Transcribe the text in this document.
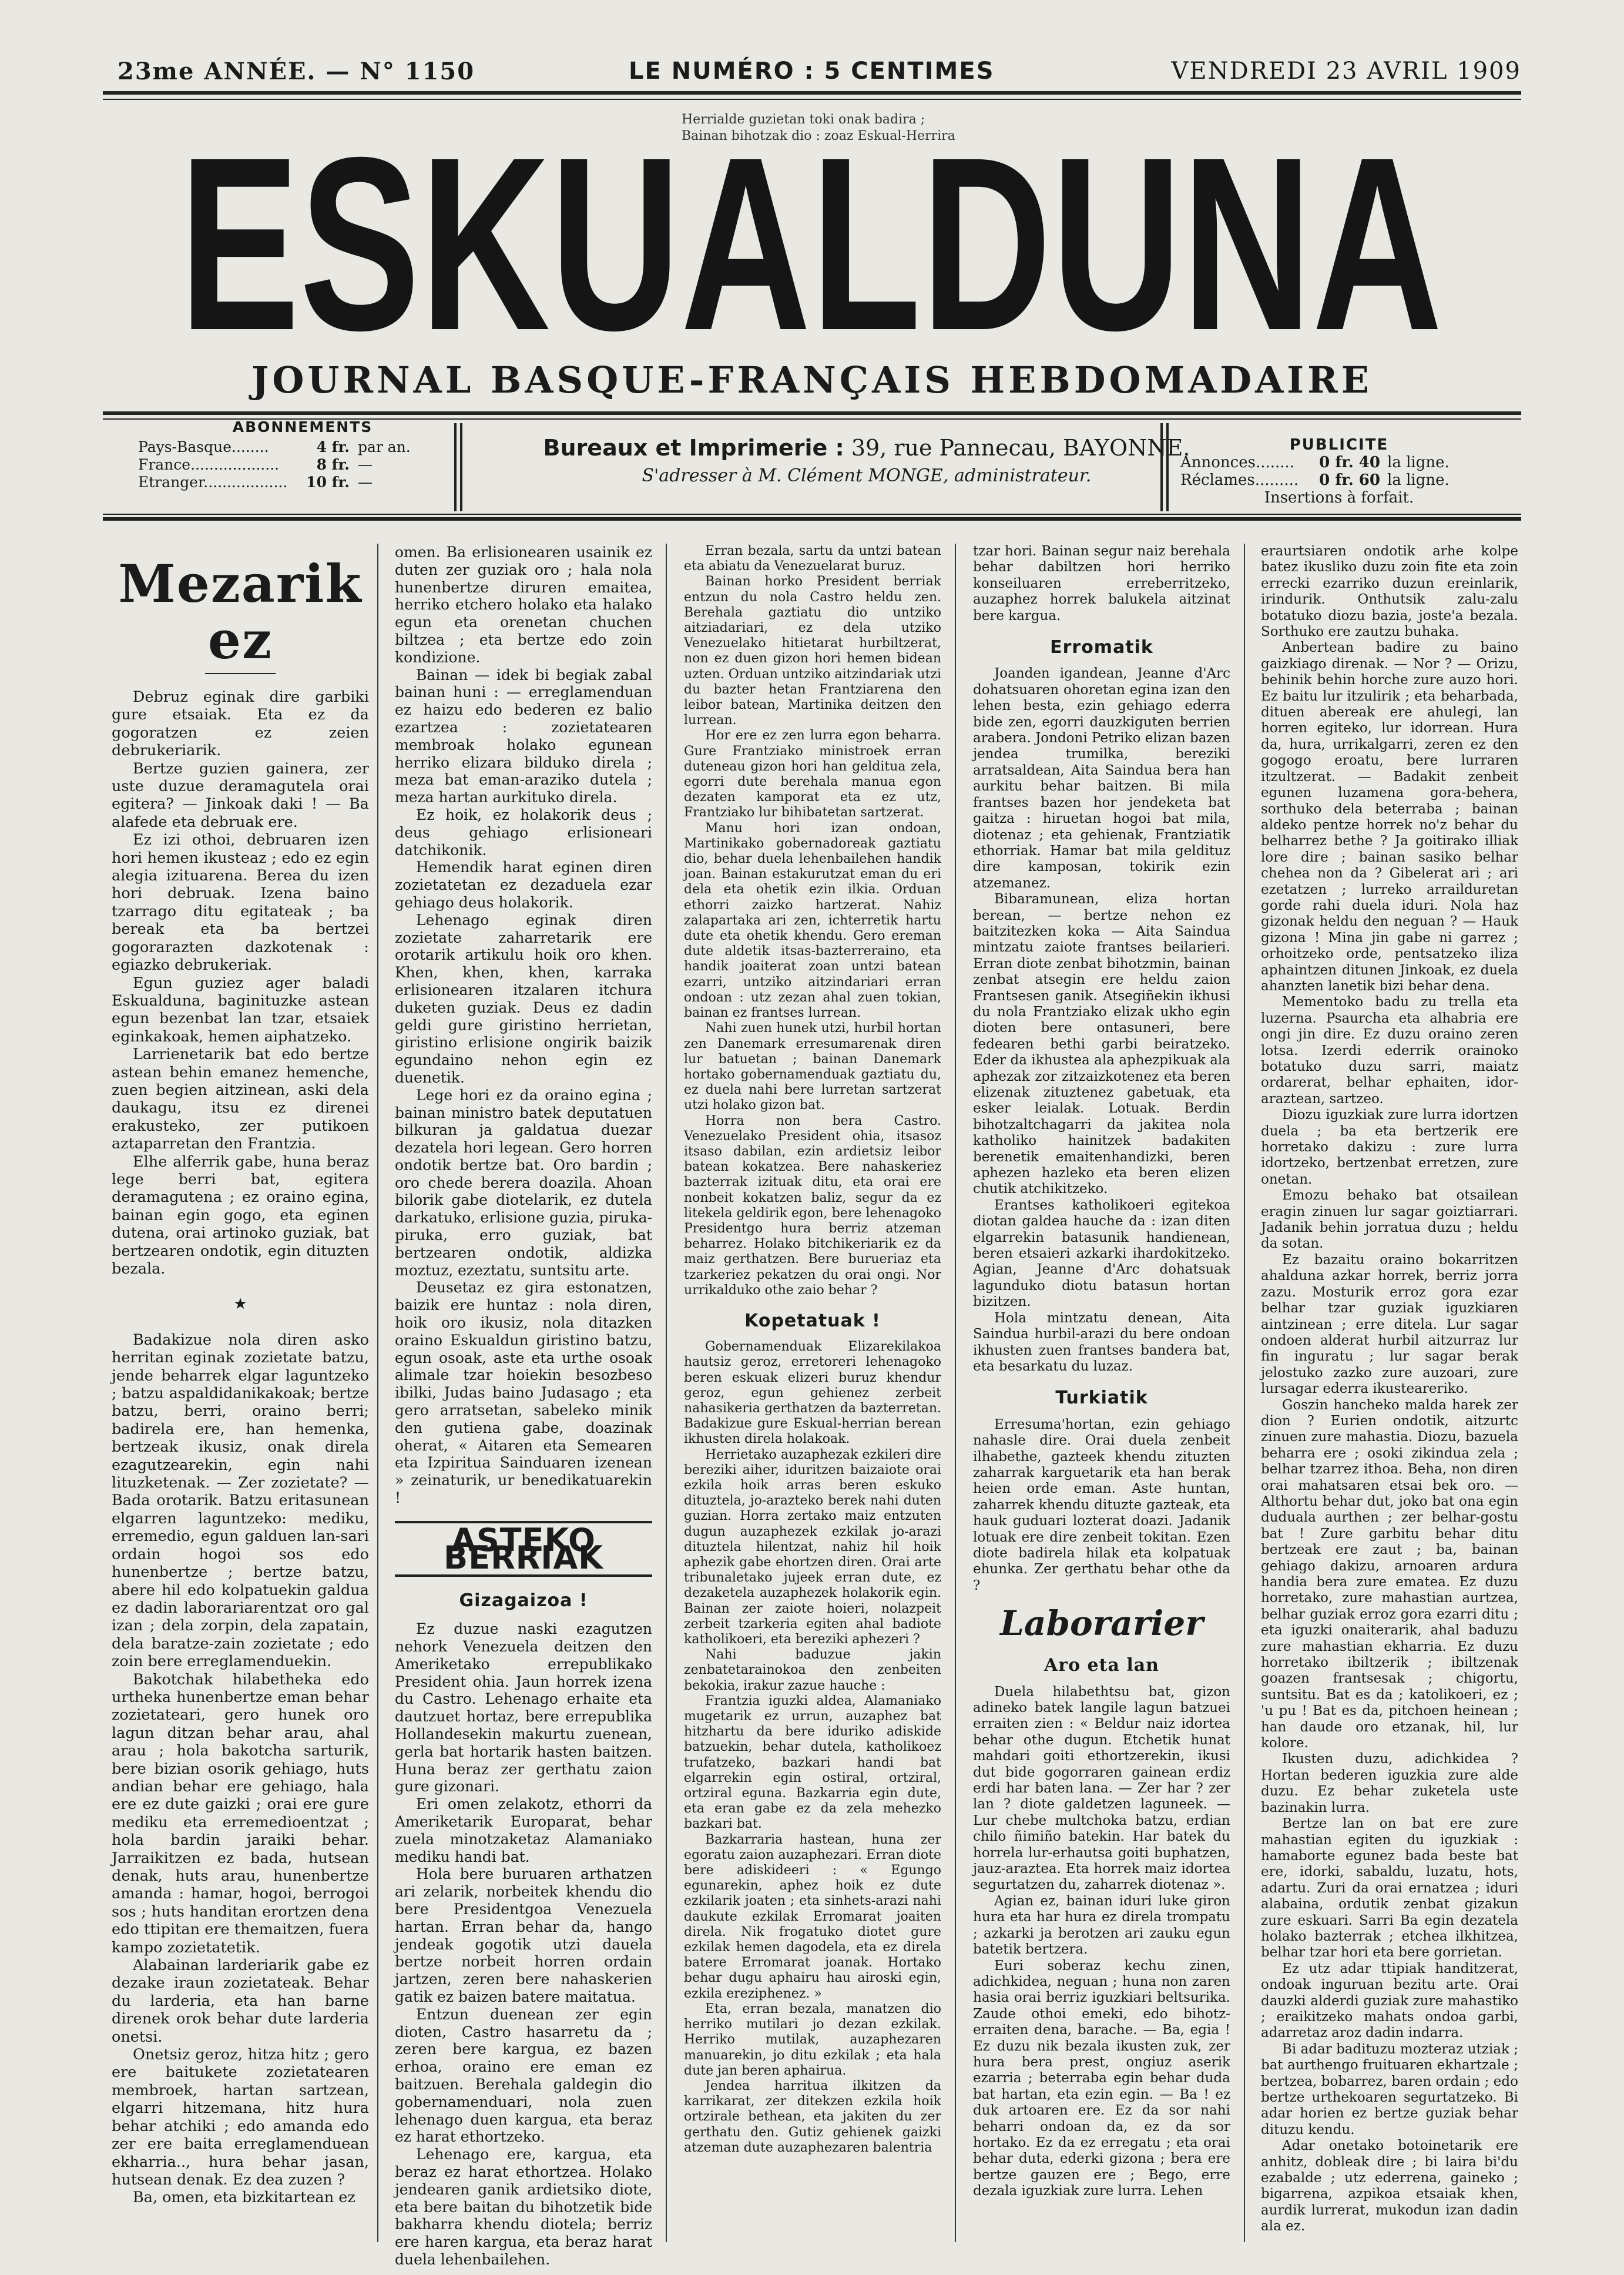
23me ANNÉE. — N° 1150	LE NUMÉRO : 5 CENTIMES	VENDREDI 23 AVRIL 1909
Herrialde guzietan toki onak badira ;
Bainan bihotzak dio : zoaz Eskual-Herrira
ESKUALDUNA
JOURNAL BASQUE-FRANÇAIS HEBDOMADAIRE
ABONNEMENTS
Pays-Basque........	4 fr. par an.
France...................	8 fr. —
Etranger..................	10 fr. —
Bureaux et Imprimerie : 39, rue Pannecau, BAYONNE.
S'adresser à M. Clément MONGE, administrateur.
PUBLICITE
Annonces........	0 fr. 40 la ligne.
Réclames.........	0 fr. 60 la ligne.
Insertions à forfait.
Mezarik ez

Debruz eginak dire garbiki gure etsaiak. Eta ez da gogoratzen ez zeien debrukeriarik.

Bertze guzien gainera, zer uste duzue deramagutela orai egitera? — Jinkoak daki ! — Ba alafede eta debruak ere.

Ez izi othoi, debruaren izen hori hemen ikusteaz ; edo ez egin alegia izituarena. Berea du izen hori debruak. Izena baino tzarrago ditu egitateak ; ba bereak eta ba bertzei gogorarazten dazkotenak : egiazko debrukeriak.

Egun guziez ager baladi Eskualduna, baginituzke astean egun bezenbat lan tzar, etsaiek eginkakoak, hemen aiphatzeko.

Larrienetarik bat edo bertze astean behin emanez hemenche, zuen begien aitzinean, aski dela daukagu, itsu ez direnei erakusteko, zer putikoen aztaparretan den Frantzia.

Elhe alferrik gabe, huna beraz lege berri bat, egitera deramagutena ; ez oraino egina, bainan egin gogo, eta eginen dutena, orai artinoko guziak, bat bertzearen ondotik, egin dituzten bezala.

★

Badakizue nola diren asko herritan eginak zozietate batzu, jende beharrek elgar laguntzeko ; batzu aspaldidanikakoak; bertze batzu, berri, oraino berri; badirela ere, han hemenka, bertzeak ikusiz, onak direla ezagutzearekin, egin nahi lituzketenak. — Zer zozietate? — Bada orotarik. Batzu eritasunean elgarren laguntzeko: mediku, erremedio, egun galduen lan-sari ordain hogoi sos edo hunenbertze ; bertze batzu, abere hil edo kolpatuekin galdua ez dadin laborariarentzat oro gal izan ; dela zorpin, dela zapatain, dela baratze-zain zozietate ; edo zoin bere erreglamenduekin.

Bakotchak hilabetheka edo urtheka hunenbertze eman behar zozietateari, gero hunek oro lagun ditzan behar arau, ahal arau ; hola bakotcha sarturik, bere bizian osorik gehiago, huts andian behar ere gehiago, hala ere ez dute gaizki ; orai ere gure mediku eta erremedioentzat ; hola bardin jaraiki behar. Jarraikitzen ez bada, hutsean denak, huts arau, hunenbertze amanda : hamar, hogoi, berrogoi sos ; huts handitan erortzen dena edo ttipitan ere themaitzen, fuera kampo zozietatetik.

Alabainan larderiarik gabe ez dezake iraun zozietateak. Behar du larderia, eta han barne direnek orok behar dute larderia onetsi.

Onetsiz geroz, hitza hitz ; gero ere baitukete zozietatearen membroek, hartan sartzean, elgarri hitzemana, hitz hura behar atchiki ; edo amanda edo zer ere baita erreglamenduean ekharria.., hura behar jasan, hutsean denak. Ez dea zuzen ?

Ba, omen, eta bizkitartean ez

omen. Ba erlisionearen usainik ez duten zer guziak oro ; hala nola hunenbertze diruren emaitea, herriko etchero holako eta halako egun eta orenetan chuchen biltzea ; eta bertze edo zoin kondizione.

Bainan — idek bi begiak zabal bainan huni : — erreglamenduan ez haizu edo bederen ez balio ezartzea : zozietatearen membroak holako egunean herriko elizara bilduko direla ; meza bat eman-araziko dutela ; meza hartan aurkituko direla.

Ez hoik, ez holakorik deus ; deus gehiago erlisioneari datchikonik.

Hemendik harat eginen diren zozietatetan ez dezaduela ezar gehiago deus holakorik.

Lehenago eginak diren zozietate zaharretarik ere orotarik artikulu hoik oro khen. Khen, khen, khen, karraka erlisionearen itzalaren itchura duketen guziak. Deus ez dadin geldi gure giristino herrietan, giristino erlisione ongirik baizik egundaino nehon egin ez duenetik.

Lege hori ez da oraino egina ; bainan ministro batek deputatuen bilkuran ja galdatua duezar dezatela hori legean. Gero horren ondotik bertze bat. Oro bardin ; oro chede berera doazila. Ahoan bilorik gabe diotelarik, ez dutela darkatuko, erlisione guzia, piruka-piruka, erro guziak, bat bertzearen ondotik, aldizka moztuz, ezeztatu, suntsitu arte.

Deusetaz ez gira estonatzen, baizik ere huntaz : nola diren, hoik oro ikusiz, nola ditazken oraino Eskualdun giristino batzu, egun osoak, aste eta urthe osoak alimale tzar hoiekin besozbeso ibilki, Judas baino Judasago ; eta gero arratsetan, sabeleko minik den gutiena gabe, doazinak oherat, « Aitaren eta Semearen eta Izpiritua Sainduaren izenean » zeinaturik, ur benedikatuarekin !

ASTEKO BERRIAK
Gizagaizoa !

Ez duzue naski ezagutzen nehork Venezuela deitzen den Ameriketako errepublikako President ohia. Jaun horrek izena du Castro. Lehenago erhaite eta dautzuet hortaz, bere errepublika Hollandesekin makurtu zuenean, gerla bat hortarik hasten baitzen. Huna beraz zer gerthatu zaion gure gizonari.

Eri omen zelakotz, ethorri da Ameriketarik Europarat, behar zuela minotzaketaz Alamaniako mediku handi bat.

Hola bere buruaren arthatzen ari zelarik, norbeitek khendu dio bere Presidentgoa Venezuela hartan. Erran behar da, hango jendeak gogotik utzi dauela bertze norbeit horren ordain jartzen, zeren bere nahaskerien gatik ez baizen batere maitatua.

Entzun duenean zer egin dioten, Castro hasarretu da ; zeren bere kargua, ez bazen erhoa, oraino ere eman ez baitzuen. Berehala galdegin dio gobernamenduari, nola zuen lehenago duen kargua, eta beraz ez harat ethortzeko.

Lehenago ere, kargua, eta beraz ez harat ethortzea. Holako jendearen ganik ardietsiko diote, eta bere baitan du bihotzetik bide bakharra khendu diotela; berriz ere haren kargua, eta beraz harat duela lehenbailehen.

Erran bezala, sartu da untzi batean eta abiatu da Venezuelarat buruz.

Bainan horko President berriak entzun du nola Castro heldu zen. Berehala gaztiatu dio untziko aitziadariari, ez dela utziko Venezuelako hitietarat hurbiltzerat, non ez duen gizon hori hemen bidean uzten. Orduan untziko aitzindariak utzi du bazter hetan Frantziarena den leibor batean, Martinika deitzen den lurrean.

Hor ere ez zen lurra egon beharra. Gure Frantziako ministroek erran duteneau gizon hori han gelditua zela, egorri dute berehala manua egon dezaten kamporat eta ez utz, Frantziako lur bihibatetan sartzerat.

Manu hori izan ondoan, Martinikako gobernadoreak gaztiatu dio, behar duela lehenbailehen handik joan. Bainan estakurutzat eman du eri dela eta ohetik ezin ilkia. Orduan ethorri zaizko hartzerat. Nahiz zalapartaka ari zen, ichterretik hartu dute eta ohetik khendu. Gero ereman dute aldetik itsas-bazterreraino, eta handik joaiterat zoan untzi batean ezarri, untziko aitzindariari erran ondoan : utz zezan ahal zuen tokian, bainan ez frantses lurrean.

Nahi zuen hunek utzi, hurbil hortan zen Danemark erresumarenak diren lur batuetan ; bainan Danemark hortako gobernamenduak gaztiatu du, ez duela nahi bere lurretan sartzerat utzi holako gizon bat.

Horra non bera Castro. Venezuelako President ohia, itsasoz itsaso dabilan, ezin ardietsiz leibor batean kokatzea. Bere nahaskeriez bazterrak izituak ditu, eta orai ere nonbeit kokatzen baliz, segur da ez litekela geldirik egon, bere lehenagoko Presidentgo hura berriz atzeman beharrez. Holako bitchikeriarik ez da maiz gerthatzen. Bere burueriaz eta tzarkeriez pekatzen du orai ongi. Nor urrikalduko othe zaio behar ?

Kopetatuak !

Gobernamenduak Elizarekilakoa hautsiz geroz, erretoreri lehenagoko beren eskuak elizeri buruz khendur geroz, egun gehienez zerbeit nahasikeria gerthatzen da bazterretan. Badakizue gure Eskual-herrian berean ikhusten direla holakoak.

Herrietako auzaphezak ezkileri dire bereziki aiher, iduritzen baizaiote orai ezkila hoik arras beren eskuko dituztela, jo-arazteko berek nahi duten guzian. Horra zertako maiz entzuten dugun auzaphezek ezkilak jo-arazi dituztela hilentzat, nahiz hil hoik aphezik gabe ehortzen diren. Orai arte tribunaletako jujeek erran dute, ez dezaketela auzaphezek holakorik egin. Bainan zer zaiote hoieri, nolazpeit zerbeit tzarkeria egiten ahal badiote katholikoeri, eta bereziki aphezeri ?

Nahi baduzue jakin zenbatetarainokoa den zenbeiten bekokia, irakur zazue hauche :

Frantzia iguzki aldea, Alamaniako mugetarik ez urrun, auzaphez bat hitzhartu da bere iduriko adiskide batzuekin, behar dutela, katholikoez trufatzeko, bazkari handi bat elgarrekin egin ostiral, ortziral, ortziral eguna. Bazkarria egin dute, eta eran gabe ez da zela mehezko bazkari bat.

Bazkarraria hastean, huna zer egoratu zaion auzaphezari. Erran diote bere adiskideeri : « Egungo egunarekin, aphez hoik ez dute ezkilarik joaten ; eta sinhets-arazi nahi daukute ezkilak Erromarat joaiten direla. Nik frogatuko diotet gure ezkilak hemen dagodela, eta ez direla batere Erromarat joanak. Hortako behar dugu aphairu hau airoski egin, ezkila ereziphenez. »

Eta, erran bezala, manatzen dio herriko mutilari jo dezan ezkilak. Herriko mutilak, auzaphezaren manuarekin, jo ditu ezkilak ; eta hala dute jan beren aphairua.

Jendea harritua ilkitzen da karrikarat, zer ditekzen ezkila hoik ortzirale bethean, eta jakiten du zer gerthatu den. Gutiz gehienek gaizki atzeman dute auzaphezaren balentria

tzar hori. Bainan segur naiz berehala behar dabiltzen hori herriko konseiluaren erreberritzeko, auzaphez horrek balukela aitzinat bere kargua.

Erromatik

Joanden igandean, Jeanne d'Arc dohatsuaren ohoretan egina izan den lehen besta, ezin gehiago ederra bide zen, egorri dauzkiguten berrien arabera. Jondoni Petriko elizan bazen jendea trumilka, bereziki arratsaldean, Aita Saindua bera han aurkitu behar baitzen. Bi mila frantses bazen hor jendeketa bat gaitza : hiruetan hogoi bat mila, diotenaz ; eta gehienak, Frantziatik ethorriak. Hamar bat mila geldituz dire kamposan, tokirik ezin atzemanez.

Bibaramunean, eliza hortan berean, — bertze nehon ez baitzitezken koka — Aita Saindua mintzatu zaiote frantses beilarieri. Erran diote zenbat bihotzmin, bainan zenbat atsegin ere heldu zaion Frantsesen ganik. Atsegiñekin ikhusi du nola Frantziako elizak ukho egin dioten bere ontasuneri, bere fedearen bethi garbi beiratzeko. Eder da ikhustea ala aphezpikuak ala aphezak zor zitzaizkotenez eta beren elizenak zituztenez gabetuak, eta esker leialak. Lotuak. Berdin bihotzaltchagarri da jakitea nola katholiko hainitzek badakiten berenetik emaitenhandizki, beren aphezen hazleko eta beren elizen chutik atchikitzeko.

Erantses katholikoeri egitekoa diotan galdea hauche da : izan diten elgarrekin batasunik handienean, beren etsaieri azkarki ihardokitzeko. Agian, Jeanne d'Arc dohatsuak lagunduko diotu batasun hortan bizitzen.

Hola mintzatu denean, Aita Saindua hurbil-arazi du bere ondoan ikhusten zuen frantses bandera bat, eta besarkatu du luzaz.

Turkiatik

Erresuma'hortan, ezin gehiago nahasle dire. Orai duela zenbeit ilhabethe, gazteek khendu zituzten zaharrak karguetarik eta han berak heien orde eman. Aste huntan, zaharrek khendu dituzte gazteak, eta hauk guduari lozterat doazi. Jadanik lotuak ere dire zenbeit tokitan. Ezen diote badirela hilak eta kolpatuak ehunka. Zer gerthatu behar othe da ?

Laborarier
Aro eta lan

Duela hilabethtsu bat, gizon adineko batek langile lagun batzuei erraiten zien : « Beldur naiz idortea behar othe dugun. Etchetik hunat mahdari goiti ethortzerekin, ikusi dut bide gogorraren gainean erdiz erdi har baten lana. — Zer har ? zer lan ? diote galdetzen laguneek. — Lur chebe multchoka batzu, erdian chilo ñimiño batekin. Har batek du horrela lur-erhautsa goiti buphatzen, jauz-araztea. Eta horrek maiz idortea segurtatzen du, zaharrek diotenaz ».

Agian ez, bainan iduri luke giron hura eta har hura ez direla trompatu ; azkarki ja berotzen ari zauku egun batetik bertzera.

Euri soberaz kechu zinen, adichkidea, neguan ; huna non zaren hasia orai berriz iguzkiari beltsurika. Zaude othoi emeki, edo bihotz-erraiten dena, barache. — Ba, egia ! Ez duzu nik bezala ikusten zuk, zer hura bera prest, ongiuz aserik ezarria ; beterraba egin behar duda bat hartan, eta ezin egin. — Ba ! ez duk artoaren ere. Ez da sor nahi beharri ondoan da, ez da sor hortako. Ez da ez erregatu ; eta orai behar duta, ederki gizona ; bera ere bertze gauzen ere ; Bego, erre dezala iguzkiak zure lurra. Lehen

eraurtsiaren ondotik arhe kolpe batez ikusliko duzu zoin fite eta zoin errecki ezarriko duzun ereinlarik, irindurik. Onthutsik zalu-zalu botatuko diozu bazia, joste'a bezala. Sorthuko ere zautzu buhaka.

Anbertean badire zu baino gaizkiago direnak. — Nor ? — Orizu, behinik behin horche zure auzo hori. Ez baitu lur itzulirik ; eta beharbada, dituen abereak ere ahulegi, lan horren egiteko, lur idorrean. Hura da, hura, urrikalgarri, zeren ez den gogogo eroatu, bere lurraren itzultzerat. — Badakit zenbeit egunen luzamena gora-behera, sorthuko dela beterraba ; bainan aldeko pentze horrek no'z behar du belharrez bethe ? Ja goitirako illiak lore dire ; bainan sasiko belhar chehea non da ? Gibelerat ari ; ari ezetatzen ; lurreko arrailduretan gorde rahi duela iduri. Nola haz gizonak heldu den neguan ? — Hauk gizona ! Mina jin gabe ni garrez ; orhoitzeko orde, pentsatzeko iliza aphaintzen ditunen Jinkoak, ez duela ahanzten lanetik bizi behar dena.

Mementoko badu zu trella eta luzerna. Psaurcha eta alhabria ere ongi jin dire. Ez duzu oraino zeren lotsa. Izerdi ederrik orainoko botatuko duzu sarri, maiatz ordarerat, belhar ephaiten, idor-araztean, sartzeo.

Diozu iguzkiak zure lurra idortzen duela ; ba eta bertzerik ere horretako dakizu : zure lurra idortzeko, bertzenbat erretzen, zure onetan.

Emozu behako bat otsailean eragin zinuen lur sagar goiztiarrari. Jadanik behin jorratua duzu ; heldu da sotan.

Ez bazaitu oraino bokarritzen ahalduna azkar horrek, berriz jorra zazu. Mosturik erroz gora ezar belhar tzar guziak iguzkiaren aintzinean ; erre ditela. Lur sagar ondoen alderat hurbil aitzurraz lur fin inguratu ; lur sagar berak jelostuko zazko zure auzoari, zure lursagar ederra ikusteareriko.

Goszin hancheko malda harek zer dion ? Eurien ondotik, aitzurtc zinuen zure mahastia. Diozu, bazuela beharra ere ; osoki zikindua zela ; belhar tzarrez ithoa. Beha, non diren orai mahatsaren etsai bek oro. — Althortu behar dut, joko bat ona egin duduala aurthen ; zer belhar-gostu bat ! Zure garbitu behar ditu bertzeak ere zaut ; ba, bainan gehiago dakizu, arnoaren ardura handia bera zure ematea. Ez duzu horretako, zure mahastian aurtzea, belhar guziak erroz gora ezarri ditu ; eta iguzki onaiterarik, ahal baduzu zure mahastian ekharria. Ez duzu horretako ibiltzerik ; ibiltzenak goazen frantsesak ; chigortu, suntsitu. Bat es da ; katolikoeri, ez ; 'u pu ! Bat es da, pitchoen heinean ; han daude oro etzanak, hil, lur kolore.

Ikusten duzu, adichkidea ? Hortan bederen iguzkia zure alde duzu. Ez behar zuketela uste bazinakin lurra.

Bertze lan on bat ere zure mahastian egiten du iguzkiak : hamaborte egunez bada beste bat ere, idorki, sabaldu, luzatu, hots, adartu. Zuri da orai ernatzea ; iduri alabaina, ordutik zenbat gizakun zure eskuari. Sarri Ba egin dezatela holako bazterrak ; etchea ilkhitzea, belhar tzar hori eta bere gorrietan.

Ez utz adar ttipiak handitzerat, ondoak inguruan bezitu arte. Orai dauzki alderdi guziak zure mahastiko ; eraikitzeko mahats ondoa garbi, adarretaz aroz dadin indarra.

Bi adar badituzu mozteraz utziak ; bat aurthengo fruituaren ekhartzale ; bertzea, bobarrez, baren ordain ; edo bertze urthekoaren segurtatzeko. Bi adar horien ez bertze guziak behar dituzu kendu.

Adar onetako botoinetarik ere anhitz, dobleak dire ; bi laira bi'du ezabalde ; utz ederrena, gaineko ; bigarrena, azpikoa etsaiak khen, aurdik lurrerat, mukodun izan dadin ala ez.
